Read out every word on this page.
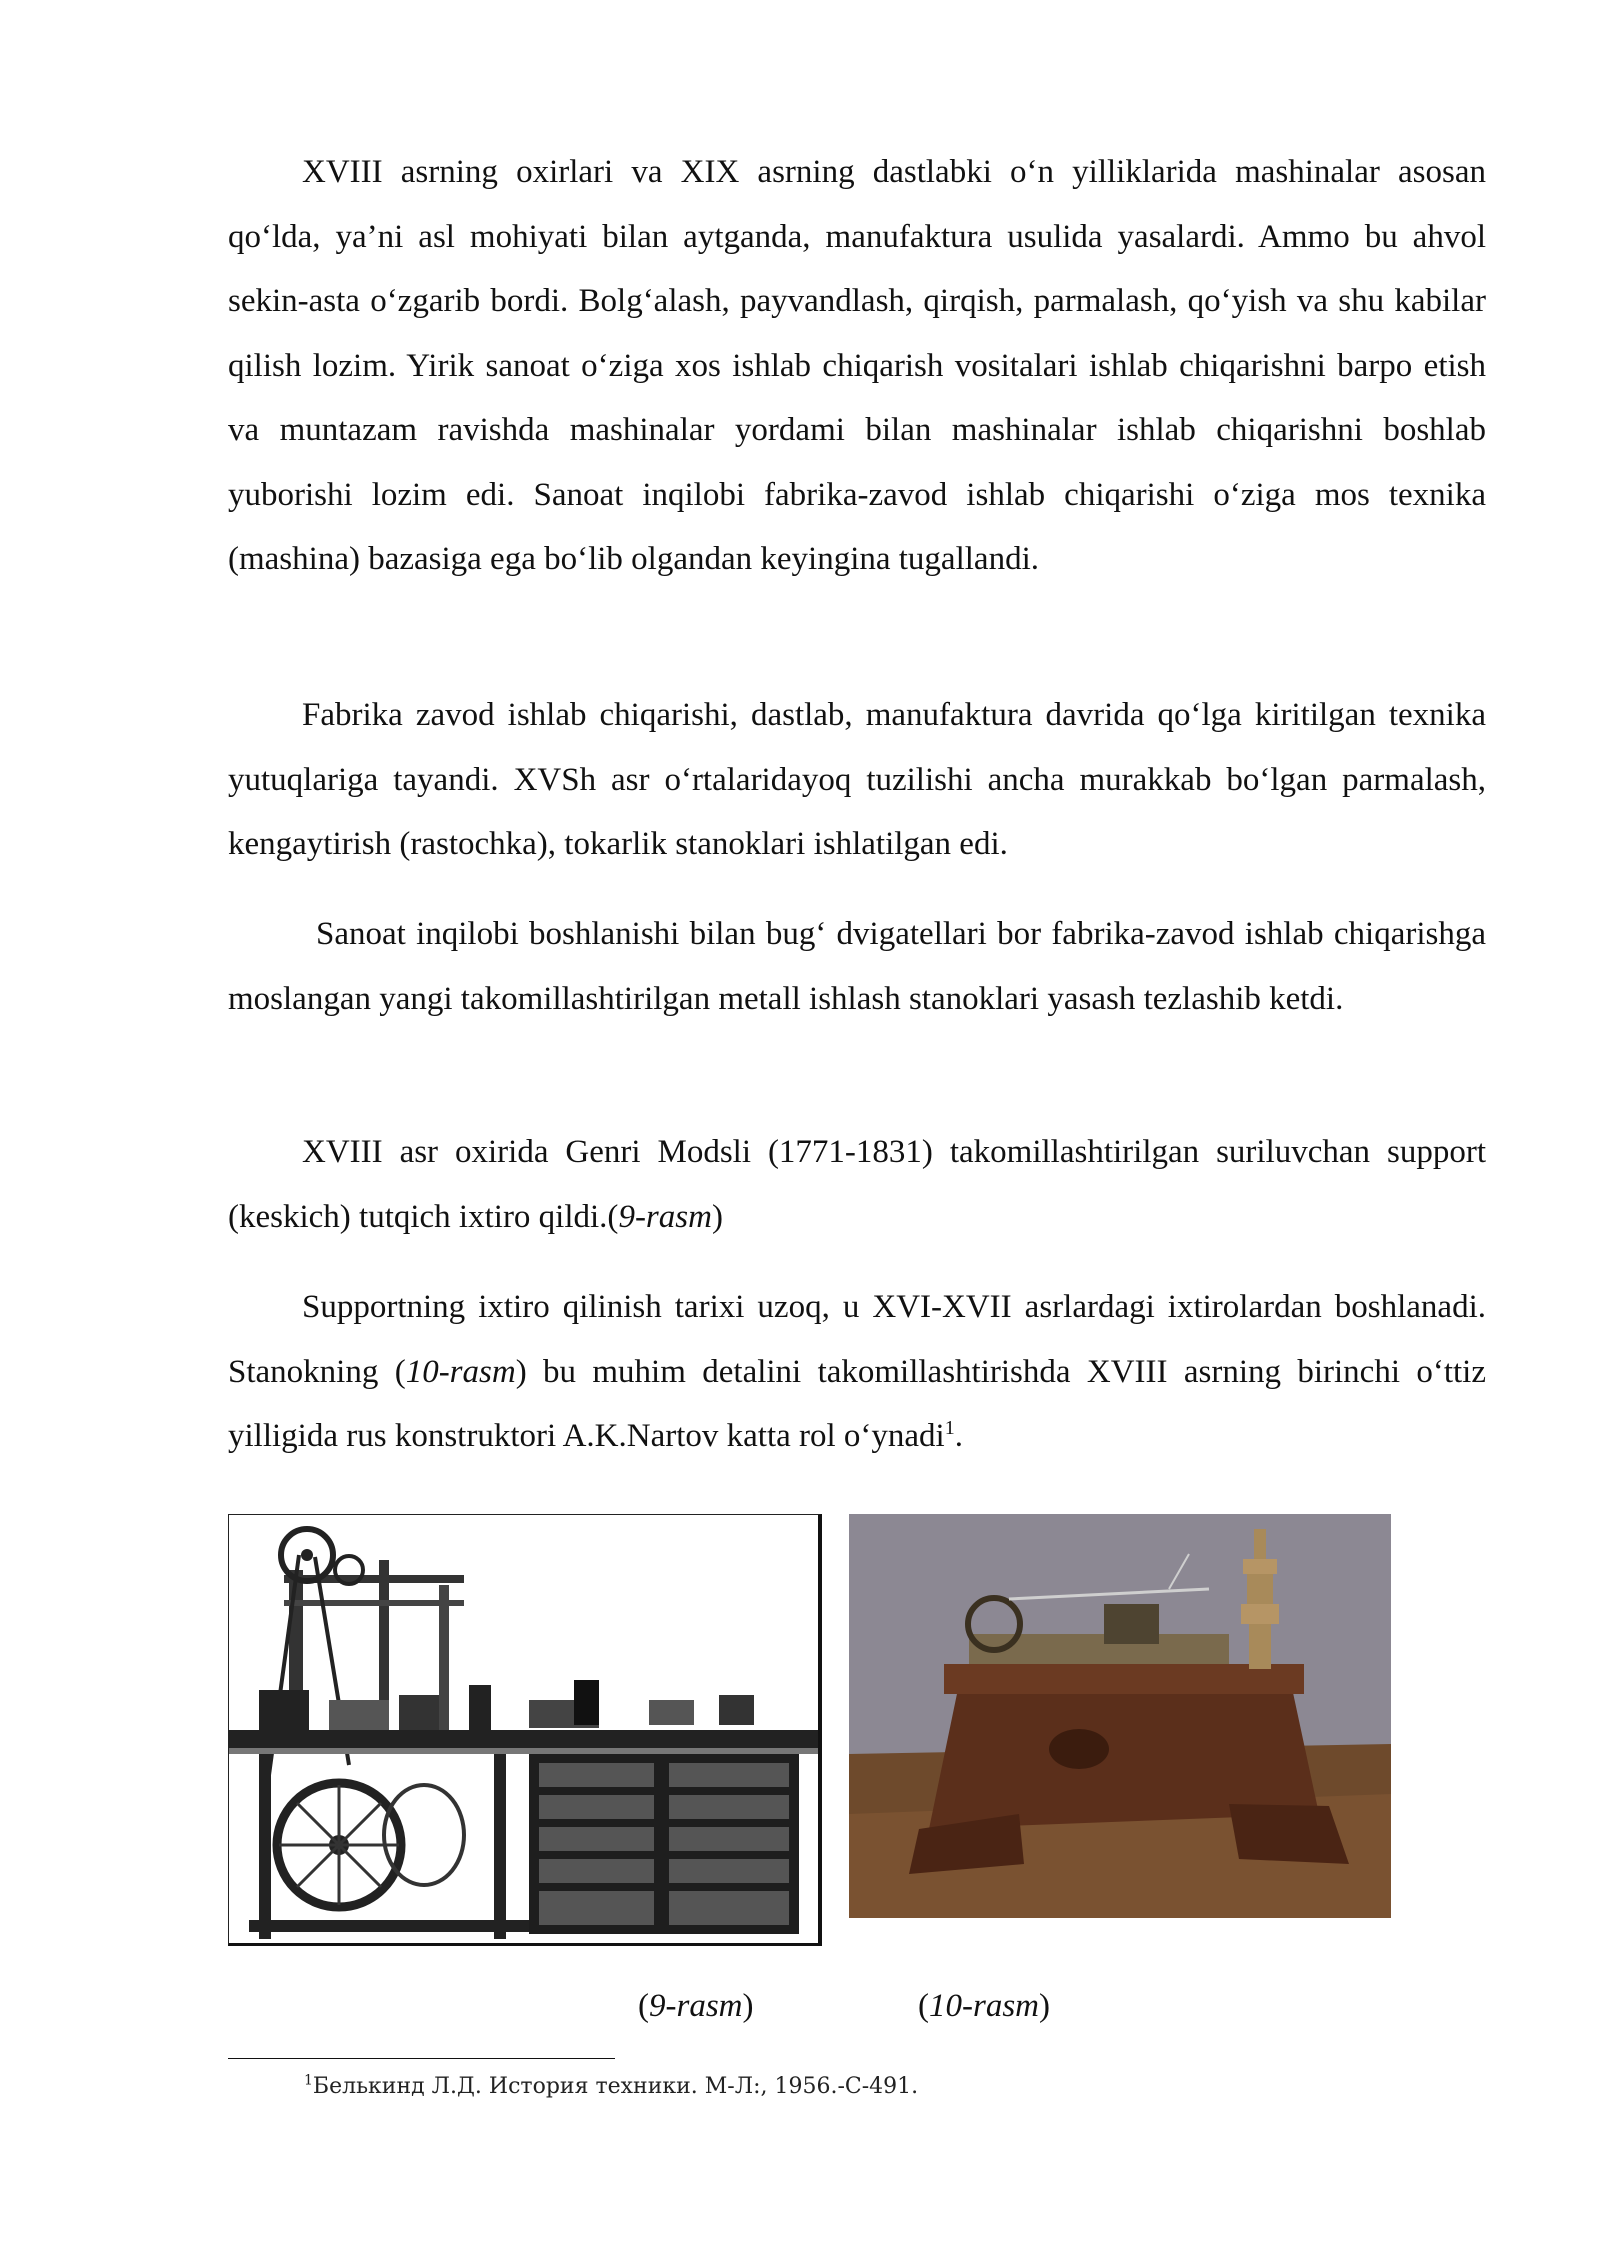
XVIII asrning oxirlari va XIX asrning dastlabki o‘n yilliklarida mashinalar asosan qo‘lda, ya’ni asl mohiyati bilan aytganda, manufaktura usulida yasalardi. Ammo bu ahvol sekin-asta o‘zgarib bordi. Bolg‘alash, payvandlash, qirqish, parmalash, qo‘yish va shu kabilar qilish lozim. Yirik sanoat o‘ziga xos ishlab chiqarish vositalari ishlab chiqarishni barpo etish va muntazam ravishda mashinalar yordami bilan mashinalar ishlab chiqarishni boshlab yuborishi lozim edi. Sanoat inqilobi fabrika-zavod ishlab chiqarishi o‘ziga mos texnika (mashina) bazasiga ega bo‘lib olgandan keyingina tugallandi.

Fabrika zavod ishlab chiqarishi, dastlab, manufaktura davrida qo‘lga kiritilgan texnika yutuqlariga tayandi. XVSh asr o‘rtalaridayoq tuzilishi ancha murakkab bo‘lgan parmalash, kengaytirish (rastochka), tokarlik stanoklari ishlatilgan edi.

Sanoat inqilobi boshlanishi bilan bug‘ dvigatellari bor fabrika-zavod ishlab chiqarishga moslangan yangi takomillashtirilgan metall ishlash stanoklari yasash tezlashib ketdi.

XVIII asr oxirida Genri Modsli (1771-1831) takomillashtirilgan suriluvchan support (keskich) tutqich ixtiro qildi.(9-rasm)

Supportning ixtiro qilinish tarixi uzoq, u XVI-XVII asrlardagi ixtirolardan boshlanadi. Stanokning (10-rasm) bu muhim detalini takomillashtirishda XVIII asrning birinchi o‘ttiz yilligida rus konstruktori A.K.Nartov katta rol o‘ynadi$^1$.

(9-rasm)	(10-rasm)
$^1$Белькинд Л.Д. История техники. М-Л:, 1956.-С-491.
